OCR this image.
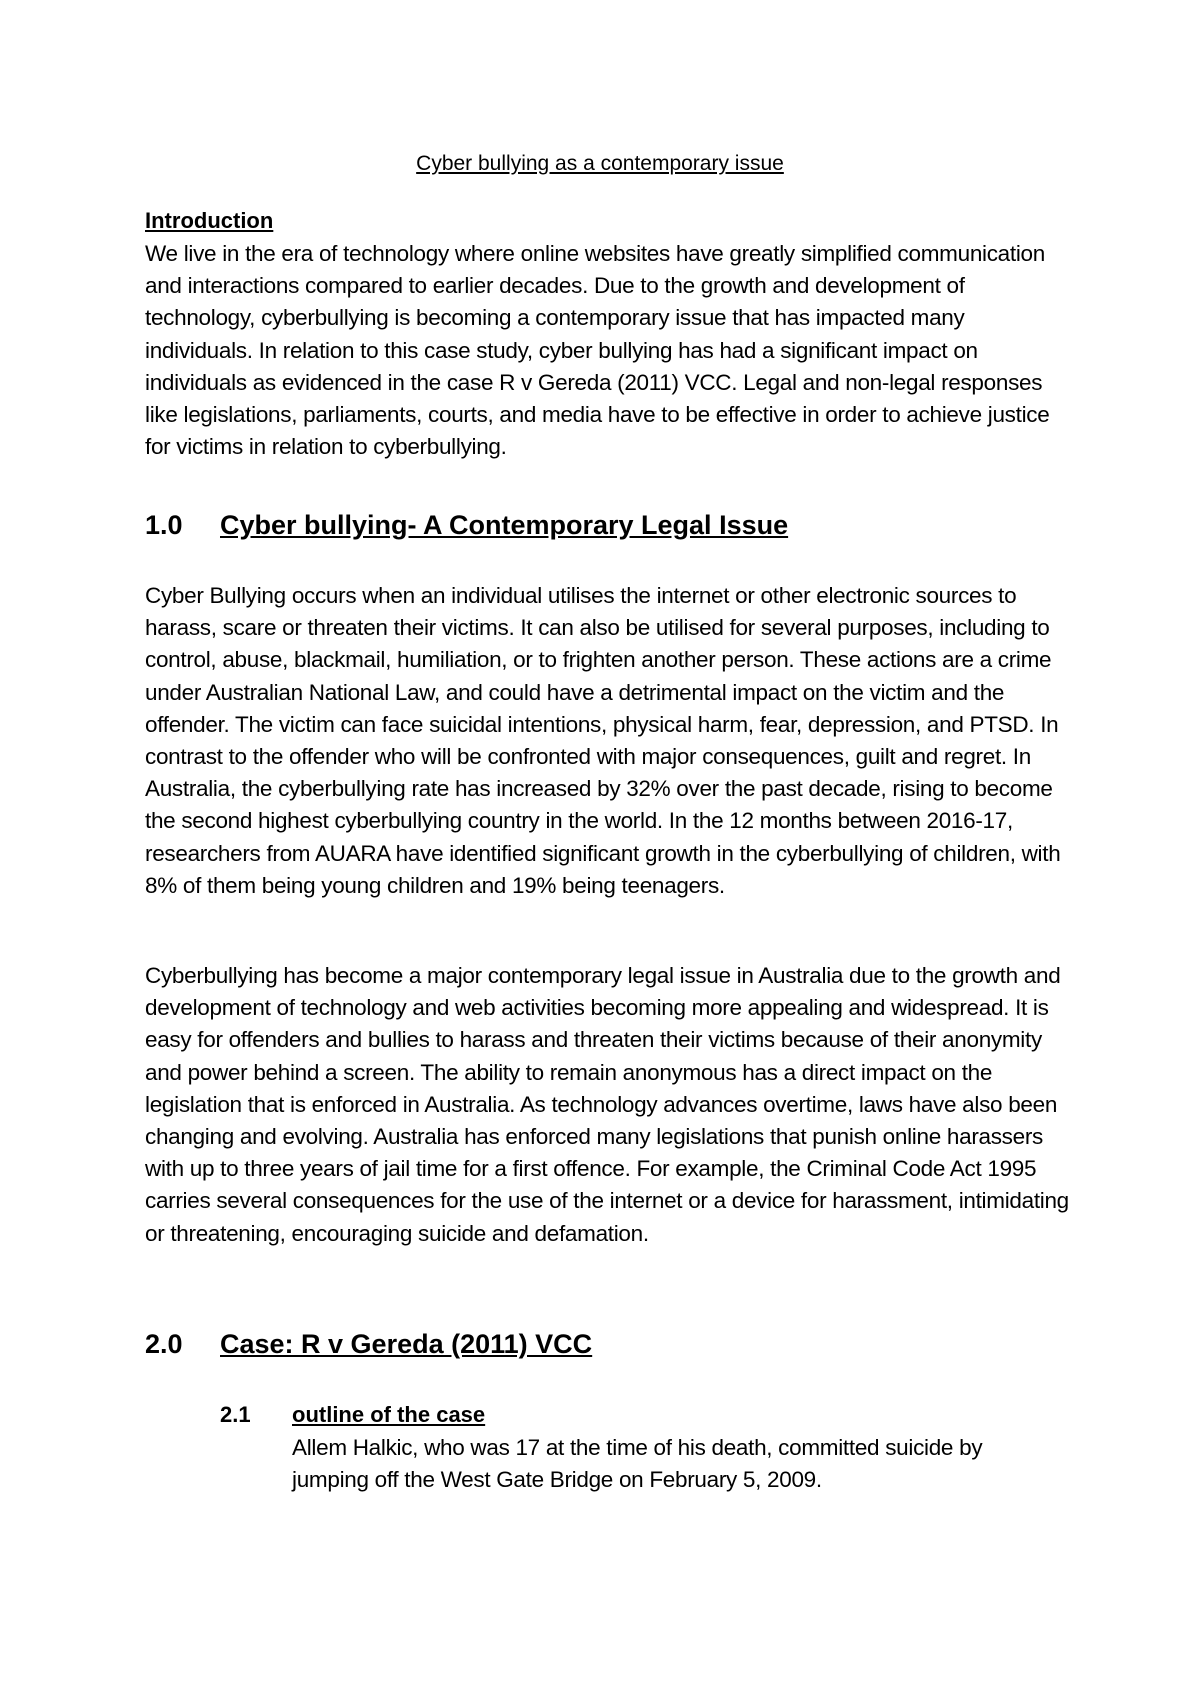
Cyber bullying as a contemporary issue
Introduction

We live in the era of technology where online websites have greatly simplified communication and interactions compared to earlier decades. Due to the growth and development of technology, cyberbullying is becoming a contemporary issue that has impacted many individuals. In relation to this case study, cyber bullying has had a significant impact on individuals as evidenced in the case R v Gereda (2011) VCC. Legal and non-legal responses like legislations, parliaments, courts, and media have to be effective in order to achieve justice for victims in relation to cyberbullying.

1.0 Cyber bullying- A Contemporary Legal Issue

Cyber Bullying occurs when an individual utilises the internet or other electronic sources to harass, scare or threaten their victims. It can also be utilised for several purposes, including to control, abuse, blackmail, humiliation, or to frighten another person. These actions are a crime under Australian National Law, and could have a detrimental impact on the victim and the offender. The victim can face suicidal intentions, physical harm, fear, depression, and PTSD. In contrast to the offender who will be confronted with major consequences, guilt and regret. In Australia, the cyberbullying rate has increased by 32% over the past decade, rising to become the second highest cyberbullying country in the world. In the 12 months between 2016-17, researchers from AUARA have identified significant growth in the cyberbullying of children, with 8% of them being young children and 19% being teenagers.

Cyberbullying has become a major contemporary legal issue in Australia due to the growth and development of technology and web activities becoming more appealing and widespread. It is easy for offenders and bullies to harass and threaten their victims because of their anonymity and power behind a screen. The ability to remain anonymous has a direct impact on the legislation that is enforced in Australia. As technology advances overtime, laws have also been changing and evolving. Australia has enforced many legislations that punish online harassers with up to three years of jail time for a first offence. For example, the Criminal Code Act 1995 carries several consequences for the use of the internet or a device for harassment, intimidating or threatening, encouraging suicide and defamation.

2.0 Case: R v Gereda (2011) VCC
2.1 outline of the case

Allem Halkic, who was 17 at the time of his death, committed suicide by jumping off the West Gate Bridge on February 5, 2009.
